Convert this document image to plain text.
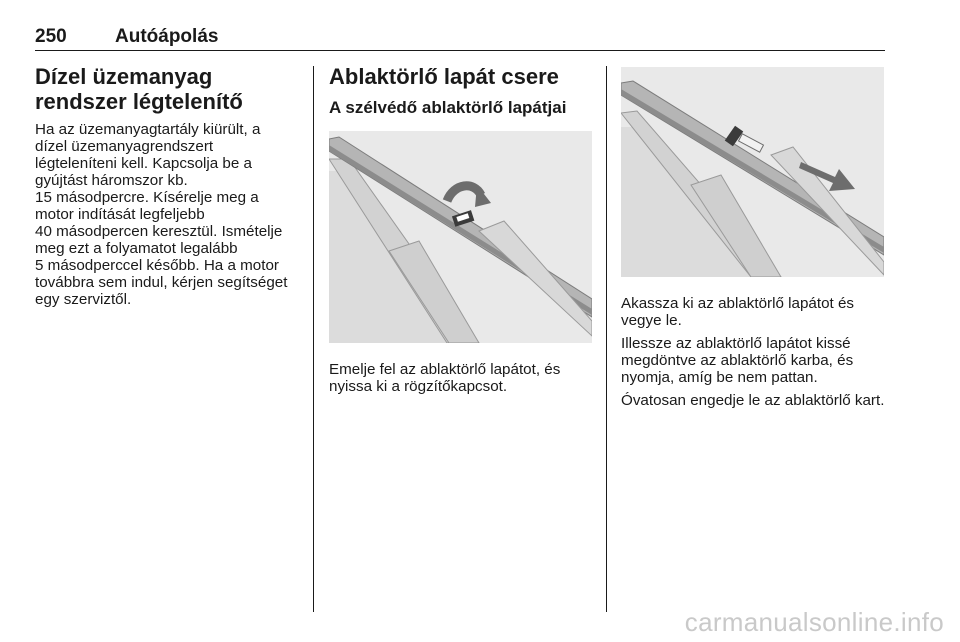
250	Autóápolás
Dízel üzemanyag rendszer légtelenítő
Ha az üzemanyagtartály kiürült, a
dízel üzemanyagrendszert
légteleníteni kell. Kapcsolja be a
gyújtást háromszor kb.
15 másodpercre. Kísérelje meg a
motor indítását legfeljebb
40 másodpercen keresztül. Ismételje
meg ezt a folyamatot legalább
5 másodperccel később. Ha a motor
továbbra sem indul, kérjen segítséget
egy szerviztől.
Ablaktörlő lapát csere
A szélvédő ablaktörlő lapátjai

Emelje fel az ablaktörlő lapátot, és nyissa ki a rögzítőkapcsot.

Akassza ki az ablaktörlő lapátot és vegye le.

Illessze az ablaktörlő lapátot kissé megdöntve az ablaktörlő karba, és nyomja, amíg be nem pattan.

Óvatosan engedje le az ablaktörlő kart.

carmanualsonline.info
